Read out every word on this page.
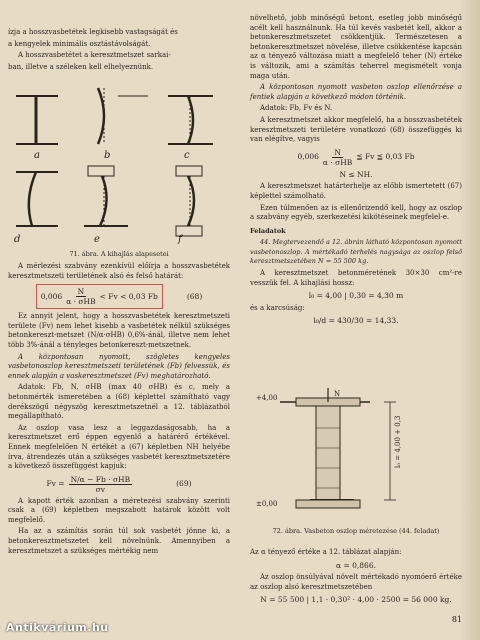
ízja a hosszvasbetétek legkisebb vastagságát és

a kengyelek minimális osztástávolságát.

A hosszvasbetétet a keresztmetszet sarkai-

ban, illetve a széleken kell elhelyeznünk.

a	b	c
d	e	f
71. ábra. A kihajlás alapesetei

A mérlezési szabvány ezenkívül előírja a hosszvasbetétek keresztmetszeti területének alsó és felső határát:

$0,006 \frac{N}{\text{α · σHB}} < Fv < 0,03$ Fb	(68)

Ez annyit jelent, hogy a hosszvasbetétek keresztmetszeti területe (Fv) nem lehet kisebb a vasbetétek nélkül szükséges betonkereszt-metszet (N/α·σHB) 0,6%-ánál, illetve nem lehet több 3%-ánál a tényleges betonkereszt-metszetnek.

A központosan nyomott, szögletes kengyeles vasbetonoszlop keresztmetszeti területének (Fb) felvessük, és ennek alapján a vaskeresztmetszet (Fv) meghatározható.

Adatok: Fb, N, σHB (max 40 σHB) és c, mely a betonmérték ismeretében a (68) képlettel számítható vagy derékszögű négyszög keresztmetszetnél a 12. táblázatból megállapítható.

Az oszlop vasa lesz a leggazdaságosabb, ha a keresztmetszet erő éppen egyenlő a határérő értékével. Ennek megfelelően N értékét a (67) képletben NH helyébe írva, átrendezés után a szükséges vasbetét keresztmetszetére a következő összefüggést kapjuk:

$Fv = \frac{\text{N/α − Fb · σHB}}{\sigma v}$	(69)

A kapott érték azonban a méretezési szabvány szerinti csak a (69) képletben megszabott határok között volt megfelelő.

Ha az a számítás során túl sok vasbetét jönne ki, a betonkeresztmetszetet kell növelnünk. Amennyiben a keresztmetszet a szükséges mértékig nem

növelhető, jobb minőségű betont, esetleg jobb minőségű acélt kell használnunk. Ha túl kevés vasbetét kell, akkor a betonkeresztmetszetet csökkentjük. Természetesen a betonkeresztmetszet növelése, illetve csökkentése kapcsán az α tényező változása miatt a megfelelő teher (N) értéke is változik, ami a számítás teherrel megismételt vonja maga után.

A központosan nyomott vasbeton oszlop ellenőrzése a fentiek alapján a következő módon történik.

Adatok: Fb, Fv és N.

A keresztmetszet akkor megfelelő, ha a hosszvasbetétek keresztmetszeti területére vonatkozó (68) összefüggés ki van elégítve, vagyis

$0,006 \frac{N}{\text{α · σHB}}$ ≦ Fv ≦ 0,03 Fb
N ≤ NH.

A keresztmetszet határterhelje az előbb ismertetett (67) képlettel számolható.

Ezen túlmenően az is ellenőrizendő kell, hogy az oszlop a szabvány egyéb, szerkezetési kikötéseinek megfelel-e.

Feladatok

44. Megtervezendő a 12. ábrán látható központosan nyomott vasbetonoszlop. A mértékadó terhelés nagysága az oszlop felső keresztmetszetében N = 55 500 kg.

A keresztmetszet betonméretének 30×30 cm²-re vesszük fel. A kihajlási hossz:

l₀ = 4,00 | 0,30 = 4,30 m

és a karcsúság:

l₀/d = 430/30 = 14,33.
+4,00
±0,00
N
l₀ = 4,00 + 0,3
72. ábra. Vasbeton oszlop méretezése (44. feladat)

Az α tényező értéke a 12. táblázat alapján:

α = 0,866.

Az oszlop önsúlyával növelt mértékadó nyomóerő értéke az oszlop alsó keresztmetszetében

N = 55 500 | 1,1 · 0,30² · 4,00 · 2500 = 56 000 kg.
81
Antikvárium.hu
